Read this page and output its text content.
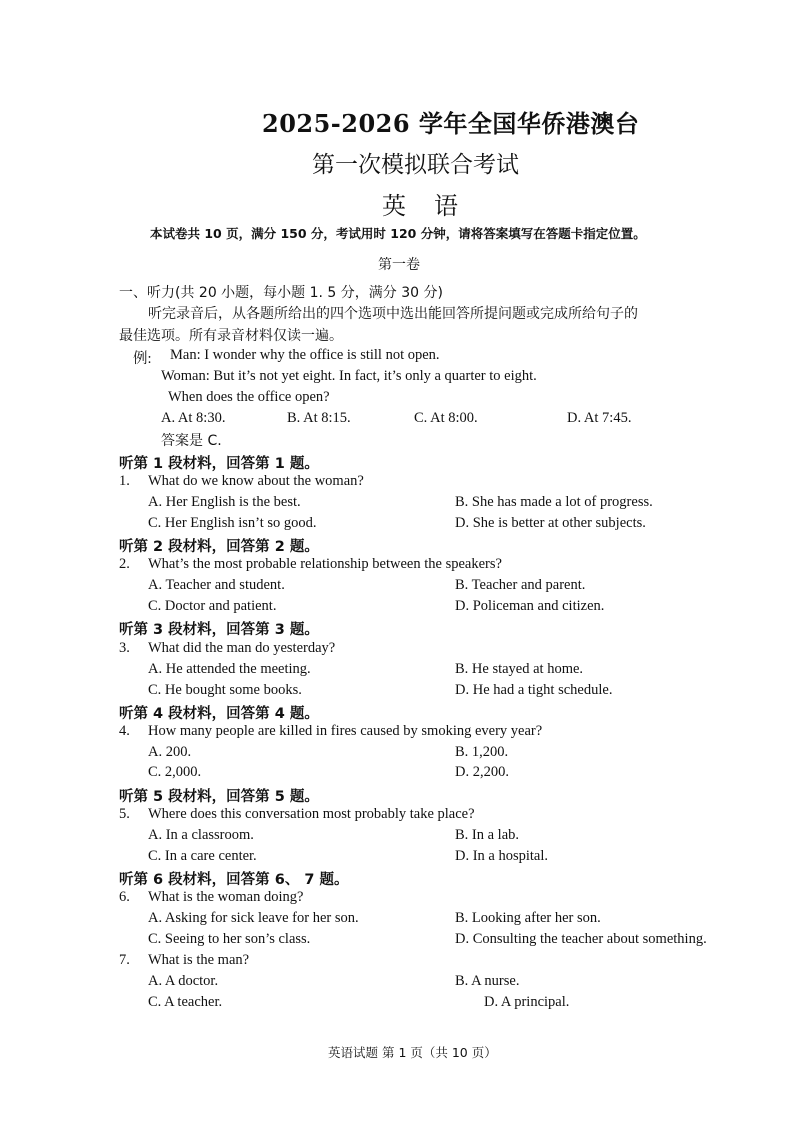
2025-2026 学年全国华侨港澳台
第一次模拟联合考试
英　语
本试卷共 10 页，满分 150 分，考试用时 120 分钟，请将答案填写在答题卡指定位置。
第一卷
一、听力(共 20 小题，每小题 1. 5 分，满分 30 分)
听完录音后，从各题所给出的四个选项中选出能回答所提问题或完成所给句子的
最佳选项。所有录音材料仅读一遍。
例: Man: I wonder why the office is still not open.
Woman: But it’s not yet eight. In fact, it’s only a quarter to eight.
When does the office open?
A. At 8:30.	B. At 8:15.	C. At 8:00.	D. At 7:45.
答案是 C.
听第 1 段材料，回答第 1 题。
1. What do we know about the woman?
A. Her English is the best.	B. She has made a lot of progress.
C. Her English isn’t so good.	D. She is better at other subjects.
听第 2 段材料，回答第 2 题。
2. What’s the most probable relationship between the speakers?
A. Teacher and student.	B. Teacher and parent.
C. Doctor and patient.	D. Policeman and citizen.
听第 3 段材料，回答第 3 题。
3. What did the man do yesterday?
A. He attended the meeting.	B. He stayed at home.
C. He bought some books.	D. He had a tight schedule.
听第 4 段材料，回答第 4 题。
4. How many people are killed in fires caused by smoking every year?
A. 200.	B. 1,200.
C. 2,000.	D. 2,200.
听第 5 段材料，回答第 5 题。
5. Where does this conversation most probably take place?
A. In a classroom.	B. In a lab.
C. In a care center.	D. In a hospital.
听第 6 段材料，回答第 6、 7 题。
6. What is the woman doing?
A. Asking for sick leave for her son.	B. Looking after her son.
C. Seeing to her son’s class.	D. Consulting the teacher about something.
7. What is the man?
A. A doctor.	B. A nurse.
C. A teacher.	D. A principal.
英语试题 第 1 页（共 10 页）
